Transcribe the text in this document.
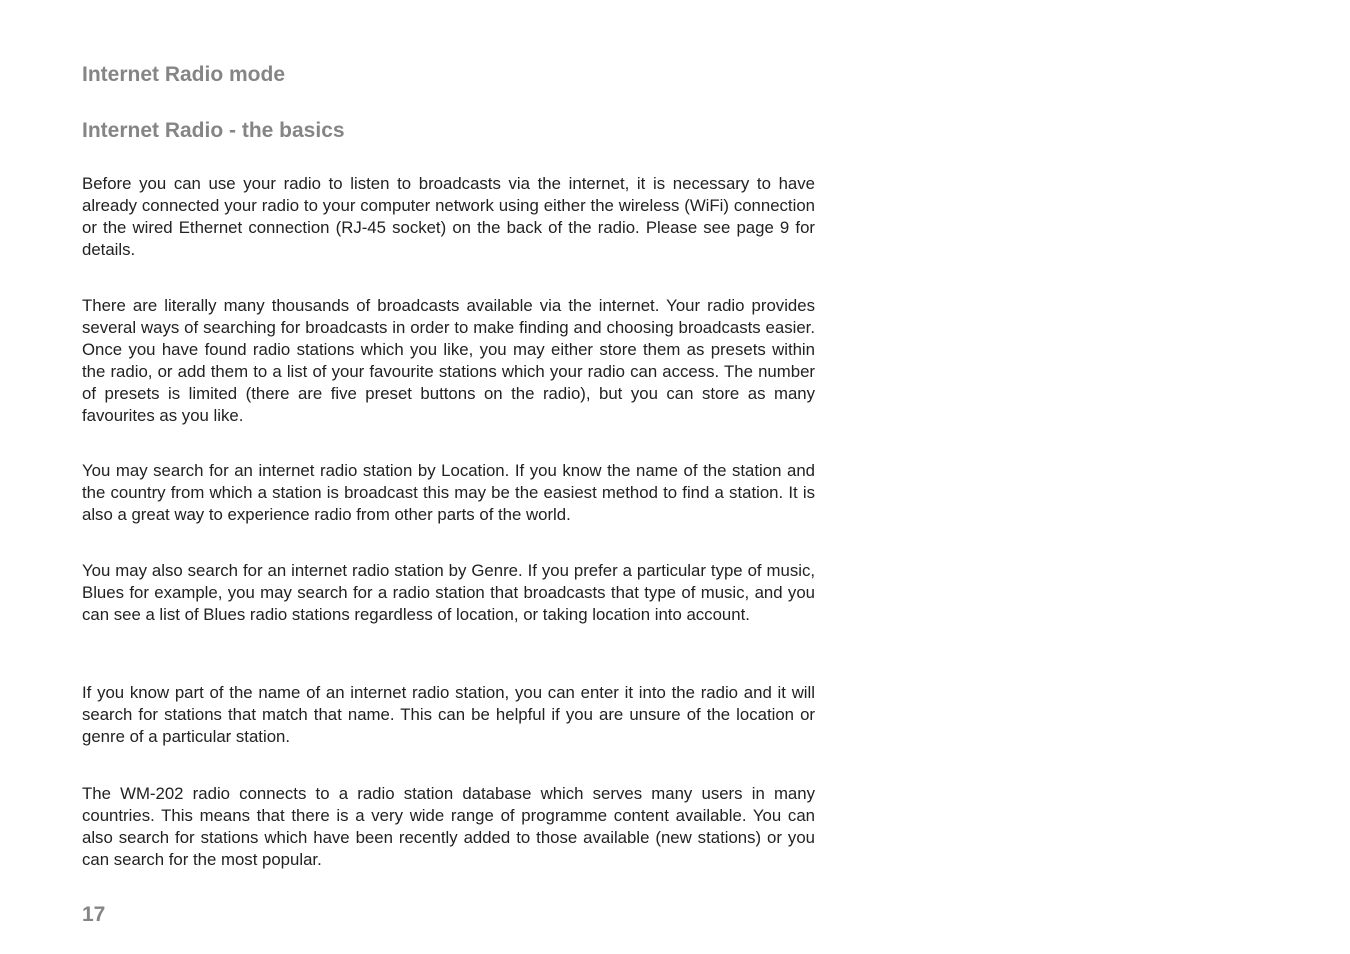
Internet Radio mode
Internet Radio - the basics

Before you can use your radio to listen to broadcasts via the internet, it is necessary to have already connected your radio to your computer network using either the wireless (WiFi) connection or the wired Ethernet connection (RJ-45 socket) on the back of the radio. Please see page 9 for details.

There are literally many thousands of broadcasts available via the internet. Your radio provides several ways of searching for broadcasts in order to make finding and choosing broadcasts easier. Once you have found radio stations which you like, you may either store them as presets within the radio, or add them to a list of your favourite stations which your radio can access. The number of presets is limited (there are five preset buttons on the radio), but you can store as many favourites as you like.

You may search for an internet radio station by Location. If you know the name of the station and the country from which a station is broadcast this may be the easiest method to find a station. It is also a great way to experience radio from other parts of the world.

You may also search for an internet radio station by Genre. If you prefer a particular type of music, Blues for example, you may search for a radio station that broadcasts that type of music, and you can see a list of Blues radio stations regardless of location, or taking location into account.

If you know part of the name of an internet radio station, you can enter it into the radio and it will search for stations that match that name. This can be helpful if you are unsure of the location or genre of a particular station.

The WM-202 radio connects to a radio station database which serves many users in many countries. This means that there is a very wide range of programme content available. You can also search for stations which have been recently added to those available (new stations) or you can search for the most popular.

17
